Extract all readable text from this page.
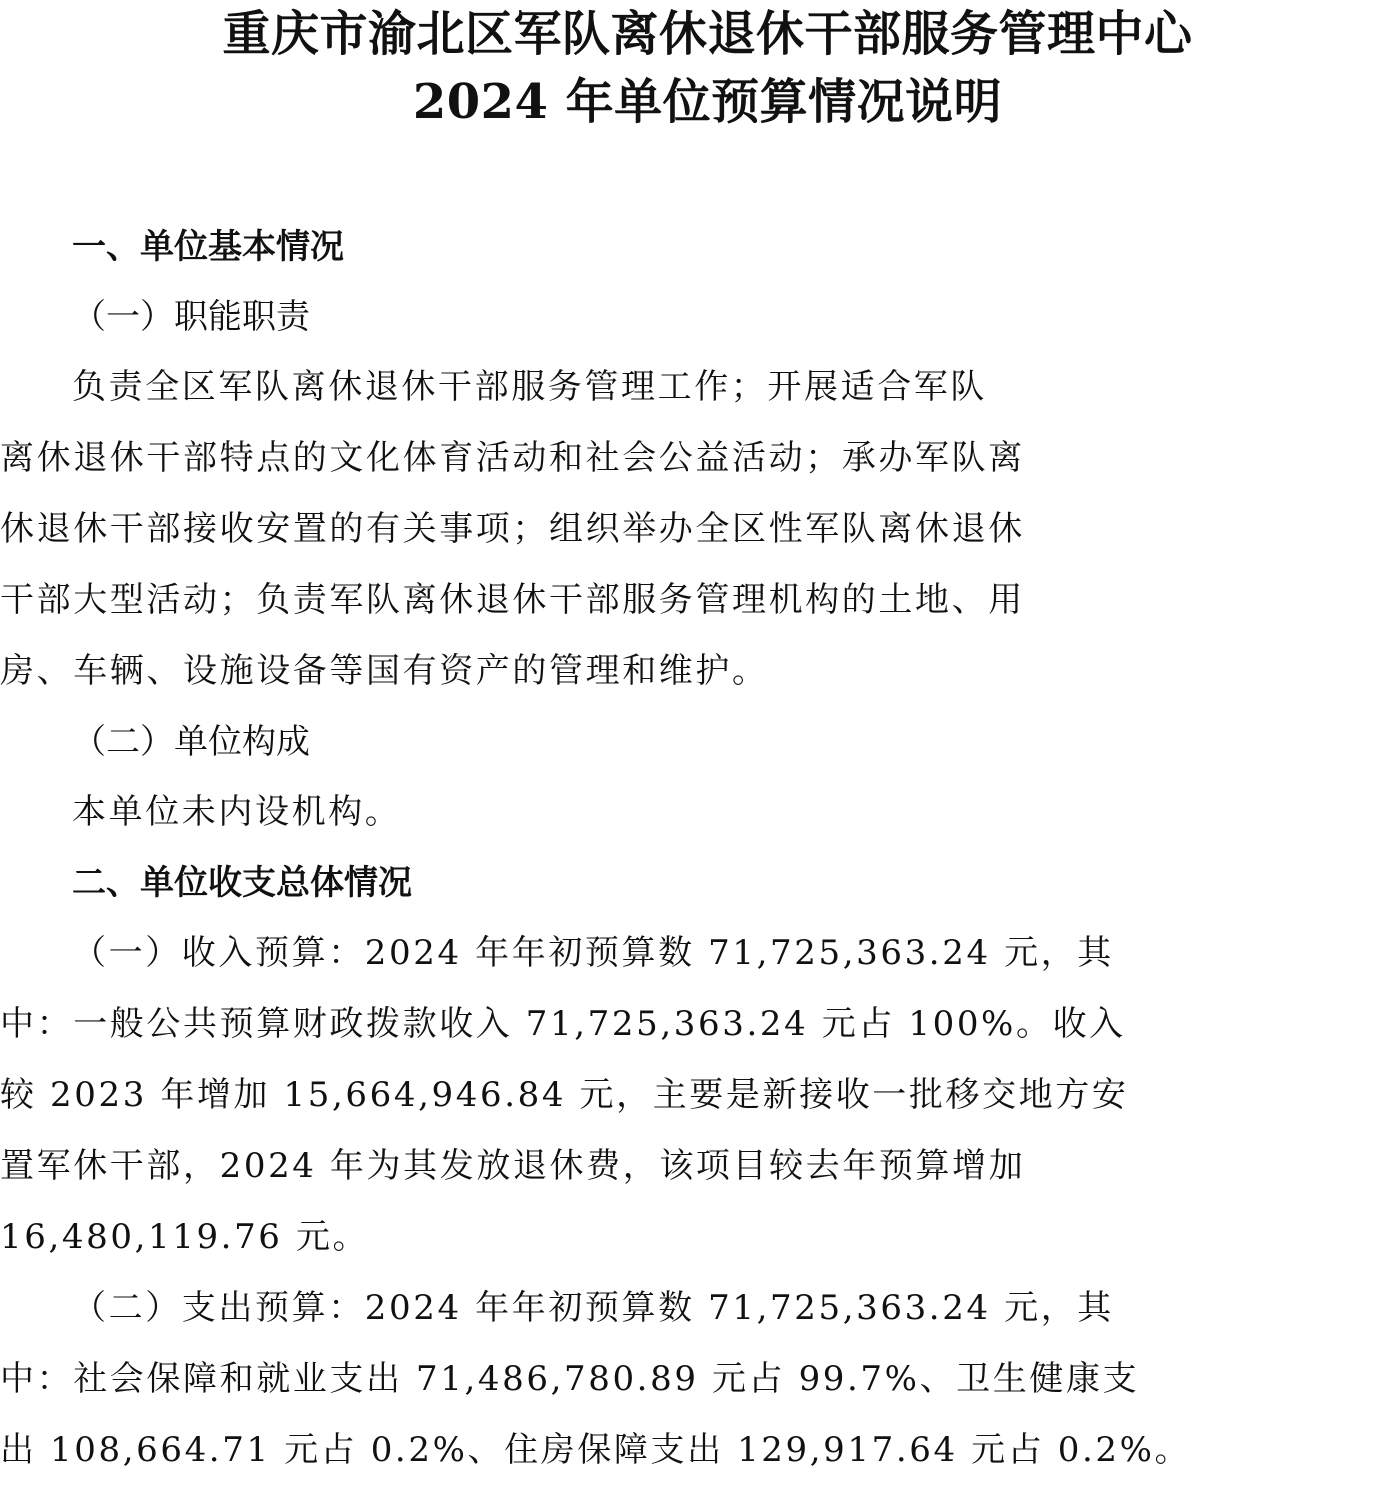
重庆市渝北区军队离休退休干部服务管理中心
2024 年单位预算情况说明

一、单位基本情况

（一）职能职责

负责全区军队离休退休干部服务管理工作；开展适合军队
离休退休干部特点的文化体育活动和社会公益活动；承办军队离
休退休干部接收安置的有关事项；组织举办全区性军队离休退休
干部大型活动；负责军队离休退休干部服务管理机构的土地、用
房、车辆、设施设备等国有资产的管理和维护。

（二）单位构成

本单位未内设机构。

二、单位收支总体情况

（一）收入预算：2024 年年初预算数 71,725,363.24 元，其
中：一般公共预算财政拨款收入 71,725,363.24 元占 100%。收入
较 2023 年增加 15,664,946.84 元，主要是新接收一批移交地方安
置军休干部，2024 年为其发放退休费，该项目较去年预算增加
16,480,119.76 元。

（二）支出预算：2024 年年初预算数 71,725,363.24 元，其
中：社会保障和就业支出 71,486,780.89 元占 99.7%、卫生健康支
出 108,664.71 元占 0.2%、住房保障支出 129,917.64 元占 0.2%。
